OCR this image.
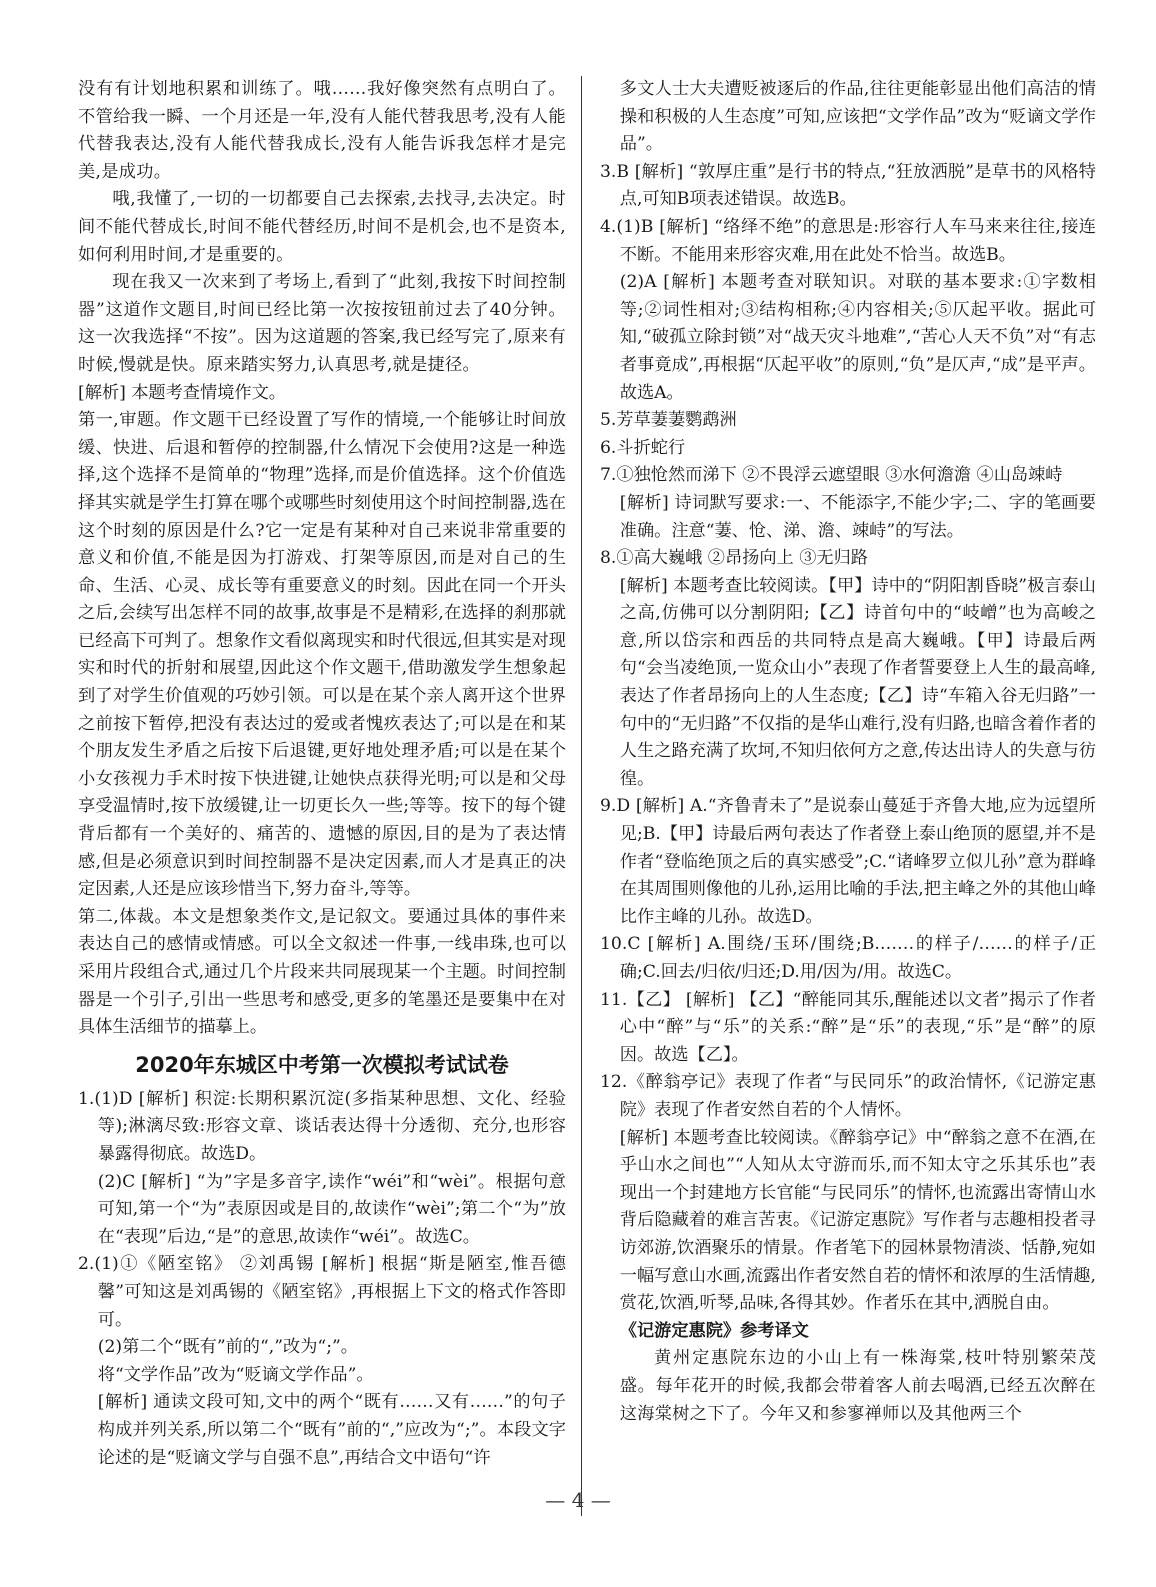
没有有计划地积累和训练了。哦……我好像突然有点明白了。不管给我一瞬、一个月还是一年,没有人能代替我思考,没有人能代替我表达,没有人能代替我成长,没有人能告诉我怎样才是完美,是成功。

哦,我懂了,一切的一切都要自己去探索,去找寻,去决定。时间不能代替成长,时间不能代替经历,时间不是机会,也不是资本,如何利用时间,才是重要的。

现在我又一次来到了考场上,看到了“此刻,我按下时间控制器”这道作文题目,时间已经比第一次按按钮前过去了40分钟。这一次我选择“不按”。因为这道题的答案,我已经写完了,原来有时候,慢就是快。原来踏实努力,认真思考,就是捷径。

[解析] 本题考查情境作文。

第一,审题。作文题干已经设置了写作的情境,一个能够让时间放缓、快进、后退和暂停的控制器,什么情况下会使用?这是一种选择,这个选择不是简单的“物理”选择,而是价值选择。这个价值选择其实就是学生打算在哪个或哪些时刻使用这个时间控制器,选在这个时刻的原因是什么?它一定是有某种对自己来说非常重要的意义和价值,不能是因为打游戏、打架等原因,而是对自己的生命、生活、心灵、成长等有重要意义的时刻。因此在同一个开头之后,会续写出怎样不同的故事,故事是不是精彩,在选择的刹那就已经高下可判了。想象作文看似离现实和时代很远,但其实是对现实和时代的折射和展望,因此这个作文题干,借助激发学生想象起到了对学生价值观的巧妙引领。可以是在某个亲人离开这个世界之前按下暂停,把没有表达过的爱或者愧疚表达了;可以是在和某个朋友发生矛盾之后按下后退键,更好地处理矛盾;可以是在某个小女孩视力手术时按下快进键,让她快点获得光明;可以是和父母享受温情时,按下放缓键,让一切更长久一些;等等。按下的每个键背后都有一个美好的、痛苦的、遗憾的原因,目的是为了表达情感,但是必须意识到时间控制器不是决定因素,而人才是真正的决定因素,人还是应该珍惜当下,努力奋斗,等等。

第二,体裁。本文是想象类作文,是记叙文。要通过具体的事件来表达自己的感情或情感。可以全文叙述一件事,一线串珠,也可以采用片段组合式,通过几个片段来共同展现某一个主题。时间控制器是一个引子,引出一些思考和感受,更多的笔墨还是要集中在对具体生活细节的描摹上。

2020年东城区中考第一次模拟考试试卷

1.(1)D [解析] 积淀:长期积累沉淀(多指某种思想、文化、经验等);淋漓尽致:形容文章、谈话表达得十分透彻、充分,也形容暴露得彻底。故选D。

(2)C [解析] “为”字是多音字,读作“wéi”和“wèi”。根据句意可知,第一个“为”表原因或是目的,故读作“wèi”;第二个“为”放在“表现”后边,“是”的意思,故读作“wéi”。故选C。

2.(1)①《陋室铭》 ②刘禹锡 [解析] 根据“斯是陋室,惟吾德馨”可知这是刘禹锡的《陋室铭》,再根据上下文的格式作答即可。

(2)第二个“既有”前的“,”改为“;”。

将“文学作品”改为“贬谪文学作品”。

[解析] 通读文段可知,文中的两个“既有……又有……”的句子构成并列关系,所以第二个“既有”前的“,”应改为“;”。本段文字论述的是“贬谪文学与自强不息”,再结合文中语句“许

多文人士大夫遭贬被逐后的作品,往往更能彰显出他们高洁的情操和积极的人生态度”可知,应该把“文学作品”改为“贬谪文学作品”。

3.B [解析] “敦厚庄重”是行书的特点,“狂放洒脱”是草书的风格特点,可知B项表述错误。故选B。

4.(1)B [解析] “络绎不绝”的意思是:形容行人车马来来往往,接连不断。不能用来形容灾难,用在此处不恰当。故选B。

(2)A [解析] 本题考查对联知识。对联的基本要求:①字数相等;②词性相对;③结构相称;④内容相关;⑤仄起平收。据此可知,“破孤立除封锁”对“战天灾斗地难”,“苦心人天不负”对“有志者事竟成”,再根据“仄起平收”的原则,“负”是仄声,“成”是平声。故选A。

5.芳草萋萋鹦鹉洲

6.斗折蛇行

7.①独怆然而涕下 ②不畏浮云遮望眼 ③水何澹澹 ④山岛竦峙

[解析] 诗词默写要求:一、不能添字,不能少字;二、字的笔画要准确。注意“萋、怆、涕、澹、竦峙”的写法。

8.①高大巍峨 ②昂扬向上 ③无归路

[解析] 本题考查比较阅读。【甲】诗中的“阴阳割昏晓”极言泰山之高,仿佛可以分割阴阳;【乙】诗首句中的“岐嶒”也为高峻之意,所以岱宗和西岳的共同特点是高大巍峨。【甲】诗最后两句“会当凌绝顶,一览众山小”表现了作者誓要登上人生的最高峰,表达了作者昂扬向上的人生态度;【乙】诗“车箱入谷无归路”一句中的“无归路”不仅指的是华山难行,没有归路,也暗含着作者的人生之路充满了坎坷,不知归依何方之意,传达出诗人的失意与彷徨。

9.D [解析] A.“齐鲁青未了”是说泰山蔓延于齐鲁大地,应为远望所见;B.【甲】诗最后两句表达了作者登上泰山绝顶的愿望,并不是作者“登临绝顶之后的真实感受”;C.“诸峰罗立似儿孙”意为群峰在其周围则像他的儿孙,运用比喻的手法,把主峰之外的其他山峰比作主峰的儿孙。故选D。

10.C [解析] A.围绕/玉环/围绕;B.……的样子/……的样子/正确;C.回去/归依/归还;D.用/因为/用。故选C。

11.【乙】 [解析] 【乙】“醉能同其乐,醒能述以文者”揭示了作者心中“醉”与“乐”的关系:“醉”是“乐”的表现,“乐”是“醉”的原因。故选【乙】。

12.《醉翁亭记》表现了作者“与民同乐”的政治情怀,《记游定惠院》表现了作者安然自若的个人情怀。

[解析] 本题考查比较阅读。《醉翁亭记》中“醉翁之意不在酒,在乎山水之间也”“人知从太守游而乐,而不知太守之乐其乐也”表现出一个封建地方长官能“与民同乐”的情怀,也流露出寄情山水背后隐藏着的难言苦衷。《记游定惠院》写作者与志趣相投者寻访郊游,饮酒聚乐的情景。作者笔下的园林景物清淡、恬静,宛如一幅写意山水画,流露出作者安然自若的情怀和浓厚的生活情趣,赏花,饮酒,听琴,品味,各得其妙。作者乐在其中,洒脱自由。

《记游定惠院》参考译文

黄州定惠院东边的小山上有一株海棠,枝叶特别繁荣茂盛。每年花开的时候,我都会带着客人前去喝酒,已经五次醉在这海棠树之下了。今年又和参寥禅师以及其他两三个

— 4 —
